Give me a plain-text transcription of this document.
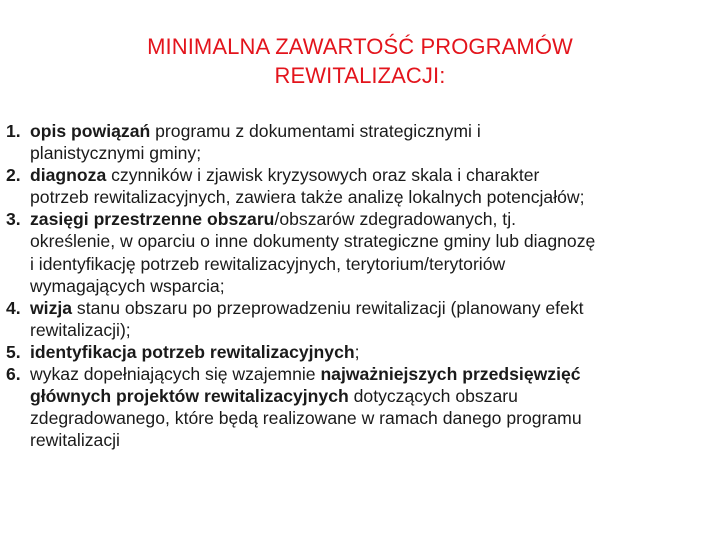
MINIMALNA ZAWARTOŚĆ PROGRAMÓW
REWITALIZACJI:
1. opis powiązań programu z dokumentami strategicznymi i
planistycznymi gminy;
2. diagnoza czynników i zjawisk kryzysowych oraz skala i charakter
potrzeb rewitalizacyjnych, zawiera także analizę lokalnych potencjałów;
3. zasięgi przestrzenne obszaru/obszarów zdegradowanych, tj.
określenie, w oparciu o inne dokumenty strategiczne gminy lub diagnozę
i identyfikację potrzeb rewitalizacyjnych, terytorium/terytoriów
wymagających wsparcia;
4. wizja stanu obszaru po przeprowadzeniu rewitalizacji (planowany efekt
rewitalizacji);
5. identyfikacja potrzeb rewitalizacyjnych;
6. wykaz dopełniających się wzajemnie najważniejszych przedsięwzięć
głównych projektów rewitalizacyjnych dotyczących obszaru
zdegradowanego, które będą realizowane w ramach danego programu
rewitalizacji
